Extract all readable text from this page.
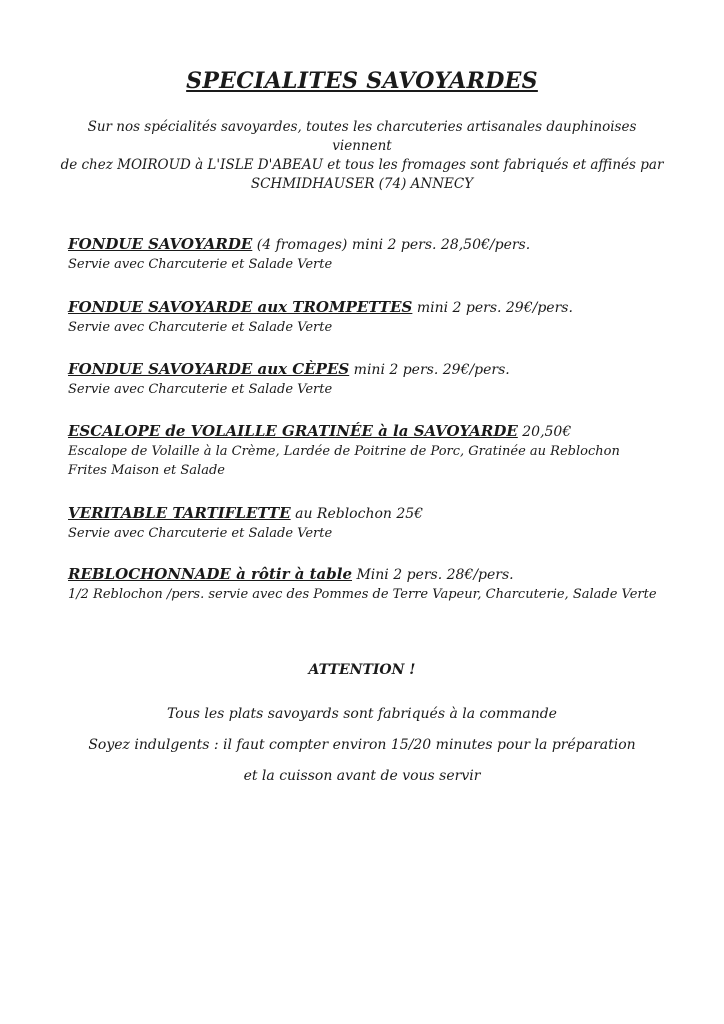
SPECIALITES SAVOYARDES
Sur nos spécialités savoyardes, toutes les charcuteries artisanales dauphinoises viennent
de chez MOIROUD à L'ISLE D'ABEAU et tous les fromages sont fabriqués et affinés par
SCHMIDHAUSER (74) ANNECY
FONDUE SAVOYARDE (4 fromages) mini 2 pers. 28,50€/pers.
Servie avec Charcuterie et Salade Verte
FONDUE SAVOYARDE aux TROMPETTES mini 2 pers. 29€/pers.
Servie avec Charcuterie et Salade Verte
FONDUE SAVOYARDE aux CÈPES mini 2 pers. 29€/pers.
Servie avec Charcuterie et Salade Verte
ESCALOPE de VOLAILLE GRATINÉE à la SAVOYARDE 20,50€
Escalope de Volaille à la Crème, Lardée de Poitrine de Porc, Gratinée au Reblochon
Frites Maison et Salade
VERITABLE TARTIFLETTE au Reblochon 25€
Servie avec Charcuterie et Salade Verte
REBLOCHONNADE à rôtir à table Mini 2 pers. 28€/pers.
1/2 Reblochon /pers. servie avec des Pommes de Terre Vapeur, Charcuterie, Salade Verte
ATTENTION !
Tous les plats savoyards sont fabriqués à la commande
Soyez indulgents : il faut compter environ 15/20 minutes pour la préparation
et la cuisson avant de vous servir
